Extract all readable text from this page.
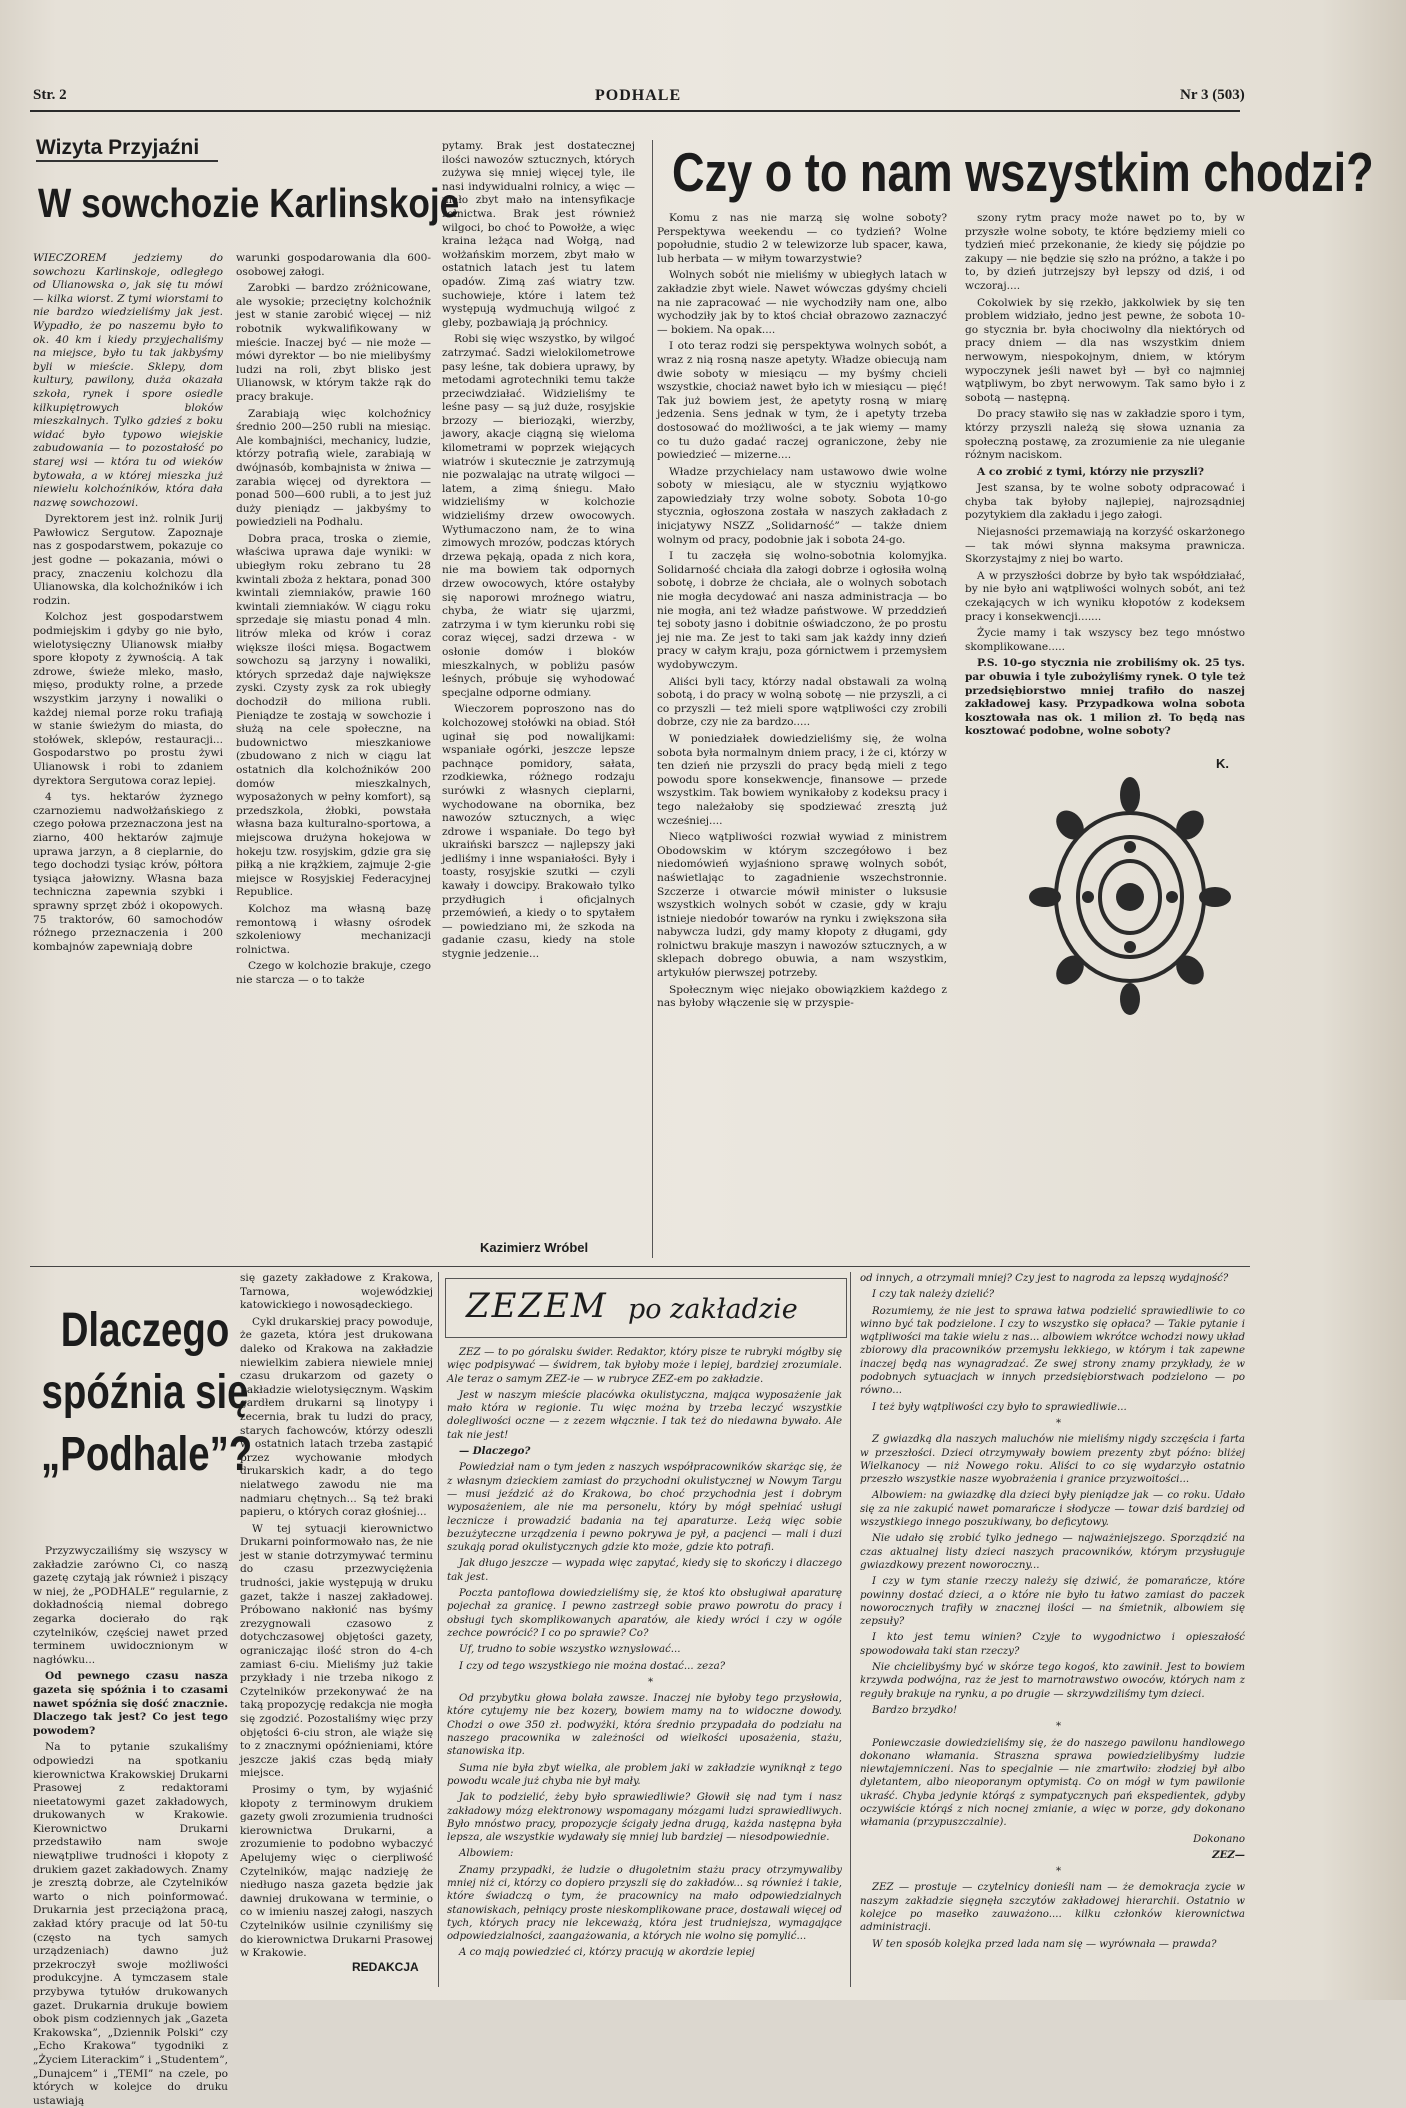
Str. 2	PODHALE	Nr 3 (503)
Wizyta Przyjaźni
W sowchozie Karlinskoje

WIECZOREM jedziemy do sowchozu Karlinskoje, odległego od Ulianowska o, jak się tu mówi — kilka wiorst. Z tymi wiorstami to nie bardzo wiedzieliśmy jak jest. Wypadło, że po naszemu było to ok. 40 km i kiedy przyjechaliśmy na miejsce, było tu tak jakbyśmy byli w mieście. Sklepy, dom kultury, pawilony, duża okazała szkoła, rynek i spore osiedle kilkupiętrowych bloków mieszkalnych. Tylko gdzieś z boku widać było typowo wiejskie zabudowania — to pozostałość po starej wsi — która tu od wieków bytowała, a w której mieszka już niewielu kolchoźników, która dała nazwę sowchozowi.

Dyrektorem jest inż. rolnik Jurij Pawłowicz Sergutow. Zapoznaje nas z gospodarstwem, pokazuje co jest godne — pokazania, mówi o pracy, znaczeniu kolchozu dla Ulianowska, dla kolchoźników i ich rodzin.

Kolchoz jest gospodarstwem podmiejskim i gdyby go nie było, wielotysięczny Ulianowsk miałby spore kłopoty z żywnością. A tak zdrowe, świeże mleko, masło, mięso, produkty rolne, a przede wszystkim jarzyny i nowaliki o każdej niemal porze roku trafiają w stanie świeżym do miasta, do stołówek, sklepów, restauracji... Gospodarstwo po prostu żywi Ulianowsk i robi to zdaniem dyrektora Sergutowa coraz lepiej.

4 tys. hektarów żyznego czarnoziemu nadwołżańskiego z czego połowa przeznaczona jest na ziarno, 400 hektarów zajmuje uprawa jarzyn, a 8 cieplarnie, do tego dochodzi tysiąc krów, półtora tysiąca jałowizny. Własna baza techniczna zapewnia szybki i sprawny sprzęt zbóż i okopowych. 75 traktorów, 60 samochodów różnego przeznaczenia i 200 kombajnów zapewniają dobre

warunki gospodarowania dla 600-osobowej załogi.

Zarobki — bardzo zróżnicowane, ale wysokie; przeciętny kolchoźnik jest w stanie zarobić więcej — niż robotnik wykwalifikowany w mieście. Inaczej być — nie może — mówi dyrektor — bo nie mielibyśmy ludzi na roli, zbyt blisko jest Ulianowsk, w którym także rąk do pracy brakuje.

Zarabiają więc kolchoźnicy średnio 200—250 rubli na miesiąc. Ale kombajniści, mechanicy, ludzie, którzy potrafią wiele, zarabiają w dwójnasób, kombajnista w żniwa — zarabia więcej od dyrektora — ponad 500—600 rubli, a to jest już duży pieniądz — jakbyśmy to powiedzieli na Podhalu.

Dobra praca, troska o ziemie, właściwa uprawa daje wyniki: w ubiegłym roku zebrano tu 28 kwintali zboża z hektara, ponad 300 kwintali ziemniaków, prawie 160 kwintali ziemniaków. W ciągu roku sprzedaje się miastu ponad 4 mln. litrów mleka od krów i coraz większe ilości mięsa. Bogactwem sowchozu są jarzyny i nowaliki, których sprzedaż daje największe zyski. Czysty zysk za rok ubiegły dochodził do miliona rubli. Pieniądze te zostają w sowchozie i służą na cele społeczne, na budownictwo mieszkaniowe (zbudowano z nich w ciągu lat ostatnich dla kolchoźników 200 domów mieszkalnych, wyposażonych w pełny komfort), są przedszkola, żłobki, powstała własna baza kulturalno-sportowa, a miejscowa drużyna hokejowa w hokeju tzw. rosyjskim, gdzie gra się piłką a nie krążkiem, zajmuje 2-gie miejsce w Rosyjskiej Federacyjnej Republice.

Kolchoz ma własną bazę remontową i własny ośrodek szkoleniowy mechanizacji rolnictwa.

Czego w kolchozie brakuje, czego nie starcza — o to także

pytamy. Brak jest dostatecznej ilości nawozów sztucznych, których zużywa się mniej więcej tyle, ile nasi indywidualni rolnicy, a więc — mało zbyt mało na intensyfikacje rolnictwa. Brak jest również wilgoci, bo choć to Powołże, a więc kraina leżąca nad Wołgą, nad wołżańskim morzem, zbyt mało w ostatnich latach jest tu latem opadów. Zimą zaś wiatry tzw. suchowieje, które i latem też występują wydmuchują wilgoć z gleby, pozbawiają ją próchnicy.

Robi się więc wszystko, by wilgoć zatrzymać. Sadzi wielokilometrowe pasy leśne, tak dobiera uprawy, by metodami agrotechniki temu także przeciwdziałać. Widzieliśmy te leśne pasy — są już duże, rosyjskie brzozy — bierioząki, wierzby, jawory, akacje ciągną się wieloma kilometrami w poprzek wiejących wiatrów i skutecznie je zatrzymują nie pozwalając na utratę wilgoci — latem, a zimą śniegu. Mało widzieliśmy w kolchozie widzieliśmy drzew owocowych. Wytłumaczono nam, że to wina zimowych mrozów, podczas których drzewa pękają, opada z nich kora, nie ma bowiem tak odpornych drzew owocowych, które ostałyby się naporowi mroźnego wiatru, chyba, że wiatr się ujarzmi, zatrzyma i w tym kierunku robi się coraz więcej, sadzi drzewa - w osłonie domów i bloków mieszkalnych, w pobliżu pasów leśnych, próbuje się wyhodować specjalne odporne odmiany.

Wieczorem poproszono nas do kolchozowej stołówki na obiad. Stół uginał się pod nowalijkami: wspaniałe ogórki, jeszcze lepsze pachnące pomidory, sałata, rzodkiewka, różnego rodzaju surówki z własnych cieplarni, wychodowane na obornika, bez nawozów sztucznych, a więc zdrowe i wspaniałe. Do tego był ukraiński barszcz — najlepszy jaki jedliśmy i inne wspaniałości. Były i toasty, rosyjskie szutki — czyli kawały i dowcipy. Brakowało tylko przydługich i oficjalnych przemówień, a kiedy o to spytałem — powiedziano mi, że szkoda na gadanie czasu, kiedy na stole stygnie jedzenie...

Kazimierz Wróbel
Czy o to nam wszystkim chodzi?

Komu z nas nie marzą się wolne soboty? Perspektywa weekendu — co tydzień? Wolne popołudnie, studio 2 w telewizorze lub spacer, kawa, lub herbata — w miłym towarzystwie?

Wolnych sobót nie mieliśmy w ubiegłych latach w zakładzie zbyt wiele. Nawet wówczas gdyśmy chcieli na nie zapracować — nie wychodziły nam one, albo wychodziły jak by to ktoś chciał obrazowo zaznaczyć — bokiem. Na opak....

I oto teraz rodzi się perspektywa wolnych sobót, a wraz z nią rosną nasze apetyty. Władze obiecują nam dwie soboty w miesiącu — my byśmy chcieli wszystkie, chociaż nawet było ich w miesiącu — pięć! Tak już bowiem jest, że apetyty rosną w miarę jedzenia. Sens jednak w tym, że i apetyty trzeba dostosować do możliwości, a te jak wiemy — mamy co tu dużo gadać raczej ograniczone, żeby nie powiedzieć — mizerne....

Władze przychielacy nam ustawowo dwie wolne soboty w miesiącu, ale w styczniu wyjątkowo zapowiedziały trzy wolne soboty. Sobota 10-go stycznia, ogłoszona została w naszych zakładach z inicjatywy NSZZ „Solidarność” — także dniem wolnym od pracy, podobnie jak i sobota 24-go.

I tu zaczęła się wolno-sobotnia kolomyjka. Solidarność chciała dla załogi dobrze i ogłosiła wolną sobotę, i dobrze że chciała, ale o wolnych sobotach nie mogła decydować ani nasza administracja — bo nie mogła, ani też władze państwowe. W przeddzień tej soboty jasno i dobitnie oświadczono, że po prostu jej nie ma. Ze jest to taki sam jak każdy inny dzień pracy w całym kraju, poza górnictwem i przemysłem wydobywczym.

Aliści byli tacy, którzy nadal obstawali za wolną sobotą, i do pracy w wolną sobotę — nie przyszli, a ci co przyszli — też mieli spore wątpliwości czy zrobili dobrze, czy nie za bardzo.....

W poniedziałek dowiedzieliśmy się, że wolna sobota była normalnym dniem pracy, i że ci, którzy w ten dzień nie przyszli do pracy będą mieli z tego powodu spore konsekwencje, finansowe — przede wszystkim. Tak bowiem wynikałoby z kodeksu pracy i tego należałoby się spodziewać zresztą już wcześniej....

Nieco wątpliwości rozwiał wywiad z ministrem Obodowskim w którym szczegółowo i bez niedomówień wyjaśniono sprawę wolnych sobót, naświetlając to zagadnienie wszechstronnie. Szczerze i otwarcie mówił minister o luksusie wszystkich wolnych sobót w czasie, gdy w kraju istnieje niedobór towarów na rynku i zwiększona siła nabywcza ludzi, gdy mamy kłopoty z długami, gdy rolnictwu brakuje maszyn i nawozów sztucznych, a w sklepach dobrego obuwia, a nam wszystkim, artykułów pierwszej potrzeby.

Społecznym więc niejako obowiązkiem każdego z nas byłoby włączenie się w przyspie-

szony rytm pracy może nawet po to, by w przyszłe wolne soboty, te które będziemy mieli co tydzień mieć przekonanie, że kiedy się pójdzie po zakupy — nie będzie się szło na próżno, a także i po to, by dzień jutrzejszy był lepszy od dziś, i od wczoraj....

Cokolwiek by się rzekło, jakkolwiek by się ten problem widziało, jedno jest pewne, że sobota 10-go stycznia br. była chociwolny dla niektórych od pracy dniem — dla nas wszystkim dniem nerwowym, niespokojnym, dniem, w którym wypoczynek jeśli nawet był — był co najmniej wątpliwym, bo zbyt nerwowym. Tak samo było i z sobotą — następną.

Do pracy stawiło się nas w zakładzie sporo i tym, którzy przyszli należą się słowa uznania za społeczną postawę, za zrozumienie za nie uleganie różnym naciskom.

A co zrobić z tymi, którzy nie przyszli?

Jest szansa, by te wolne soboty odpracować i chyba tak byłoby najlepiej, najrozsądniej pozytykiem dla zakładu i jego załogi.

Niejasności przemawiają na korzyść oskarżonego — tak mówi słynna maksyma prawnicza. Skorzystajmy z niej bo warto.

A w przyszłości dobrze by było tak współdziałać, by nie było ani wątpliwości wolnych sobót, ani też czekających w ich wyniku kłopotów z kodeksem pracy i konsekwencji.......

Życie mamy i tak wszyscy bez tego mnóstwo skomplikowane.....

P.S. 10-go stycznia nie zrobiliśmy ok. 25 tys. par obuwia i tyle zubożyliśmy rynek. O tyle też przedsiębiorstwo mniej trafiło do naszej zakładowej kasy. Przypadkowa wolna sobota kosztowała nas ok. 1 milion zł. To będą nas kosztować podobne, wolne soboty?

K.
Dlaczego
spóźnia się
„Podhale”?

Przyzwyczailiśmy się wszyscy w zakładzie zarówno Ci, co naszą gazetę czytają jak również i piszący w niej, że „PODHALE” regularnie, z dokładnością niemal dobrego zegarka docierało do rąk czytelników, częściej nawet przed terminem uwidocznionym w nagłówku...

Od pewnego czasu nasza gazeta się spóźnia i to czasami nawet spóźnia się dość znacznie. Dlaczego tak jest? Co jest tego powodem?

Na to pytanie szukaliśmy odpowiedzi na spotkaniu kierownictwa Krakowskiej Drukarni Prasowej z redaktorami nieetatowymi gazet zakładowych, drukowanych w Krakowie. Kierownictwo Drukarni przedstawiło nam swoje niewątpliwe trudności i kłopoty z drukiem gazet zakładowych. Znamy je zresztą dobrze, ale Czytelników warto o nich poinformować. Drukarnia jest przeciążona pracą, zakład który pracuje od lat 50-tu (często na tych samych urządzeniach) dawno już przekroczył swoje możliwości produkcyjne. A tymczasem stale przybywa tytułów drukowanych gazet. Drukarnia drukuje bowiem obok pism codziennych jak „Gazeta Krakowska”, „Dziennik Polski” czy „Echo Krakowa” tygodniki z „Życiem Literackim” i „Studentem”, „Dunajcem” i „TEMI” na czele, po których w kolejce do druku ustawiają

się gazety zakładowe z Krakowa, Tarnowa, wojewódzkiej katowickiego i nowosądeckiego.

Cykl drukarskiej pracy powoduje, że gazeta, która jest drukowana daleko od Krakowa na zakładzie niewielkim zabiera niewiele mniej czasu drukarzom od gazety o nakładzie wielotysięcznym. Wąskim gardłem drukarni są linotypy i zecernia, brak tu ludzi do pracy, starych fachowców, którzy odeszli w ostatnich latach trzeba zastąpić przez wychowanie młodych drukarskich kadr, a do tego nielatwego zawodu nie ma nadmiaru chętnych... Są też braki papieru, o których coraz głośniej...

W tej sytuacji kierownictwo Drukarni poinformowało nas, że nie jest w stanie dotrzymywać terminu do czasu przezwyciężenia trudności, jakie występują w druku gazet, także i naszej zakładowej. Próbowano nakłonić nas byśmy zrezygnowali czasowo z dotychczasowej objętości gazety, ograniczając ilość stron do 4-ch zamiast 6-ciu. Mieliśmy już takie przykłady i nie trzeba nikogo z Czytelników przekonywać że na taką propozycję redakcja nie mogła się zgodzić. Pozostaliśmy więc przy objętości 6-ciu stron, ale wiąże się to z znacznymi opóźnieniami, które jeszcze jakiś czas będą miały miejsce.

Prosimy o tym, by wyjaśnić kłopoty z terminowym drukiem gazety gwoli zrozumienia trudności kierownictwa Drukarni, a zrozumienie to podobno wybaczyć Apelujemy więc o cierpliwość Czytelników, mając nadzieję że niedługo nasza gazeta będzie jak dawniej drukowana w terminie, o co w imieniu naszej załogi, naszych Czytelników usilnie czyniliśmy się do kierownictwa Drukarni Prasowej w Krakowie.

REDAKCJA
ZEZEM po zakładzie

ZEZ — to po góralsku świder. Redaktor, który pisze te rubryki mógłby się więc podpisywać — świdrem, tak byłoby może i lepiej, bardziej zrozumiale. Ale teraz o samym ZEZ-ie — w rubryce ZEZ-em po zakładzie.

Jest w naszym mieście placówka okulistyczna, mająca wyposażenie jak mało która w regionie. Tu więc można by trzeba leczyć wszystkie dolegliwości oczne — z zezem włącznie. I tak też do niedawna bywało. Ale tak nie jest!

— Dlaczego?

Powiedział nam o tym jeden z naszych współpracowników skarżąc się, że z własnym dzieckiem zamiast do przychodni okulistycznej w Nowym Targu — musi jeździć aż do Krakowa, bo choć przychodnia jest i dobrym wyposażeniem, ale nie ma personelu, który by mógł spełniać usługi lecznicze i prowadzić badania na tej aparaturze. Leżą więc sobie bezużyteczne urządzenia i pewno pokrywa je pył, a pacjenci — mali i duzi szukają porad okulistycznych gdzie kto może, gdzie kto potrafi.

Jak długo jeszcze — wypada więc zapytać, kiedy się to skończy i dlaczego tak jest.

Poczta pantoflowa dowiedzieliśmy się, że ktoś kto obsługiwał aparaturę pojechał za granicę. I pewno zastrzegł sobie prawo powrotu do pracy i obsługi tych skomplikowanych aparatów, ale kiedy wróci i czy w ogóle zechce powrócić? I co po sprawie? Co?

Uf, trudno to sobie wszystko wznyslować...

I czy od tego wszystkiego nie można dostać... zeza?

*

Od przybytku głowa bolała zawsze. Inaczej nie byłoby tego przysłowia, które cytujemy nie bez kozery, bowiem mamy na to widoczne dowody. Chodzi o owe 350 zł. podwyżki, która średnio przypadała do podziału na naszego pracownika w zależności od wielkości uposażenia, stażu, stanowiska itp.

Suma nie była zbyt wielka, ale problem jaki w zakładzie wyniknął z tego powodu wcale już chyba nie był mały.

Jak to podzielić, żeby było sprawiedliwie? Głowił się nad tym i nasz zakładowy mózg elektronowy wspomagany mózgami ludzi sprawiedliwych. Było mnóstwo pracy, propozycje ścigały jedna drugą, każda następna była lepsza, ale wszystkie wydawały się mniej lub bardziej — niesodpowiednie.

Albowiem:

Znamy przypadki, że ludzie o długoletnim stażu pracy otrzymywaliby mniej niż ci, którzy co dopiero przyszli się do zakładów... są również i takie, które świadczą o tym, że pracownicy na mało odpowiedzialnych stanowiskach, pełniący proste nieskomplikowane prace, dostawali więcej od tych, których pracy nie lekceważą, która jest trudniejsza, wymagające odpowiedzialności, zaangażowania, a których nie wolno się pomylić...

A co mają powiedzieć ci, którzy pracują w akordzie lepiej

od innych, a otrzymali mniej? Czy jest to nagroda za lepszą wydajność?

I czy tak należy dzielić?

Rozumiemy, że nie jest to sprawa łatwa podzielić sprawiedliwie to co winno być tak podzielone. I czy to wszystko się opłaca? — Takie pytanie i wątpliwości ma takie wielu z nas... albowiem wkrótce wchodzi nowy układ zbiorowy dla pracowników przemysłu lekkiego, w którym i tak zapewne inaczej będą nas wynagradzać. Ze swej strony znamy przykłady, że w podobnych sytuacjach w innych przedsiębiorstwach podzielono — po równo...

I też były wątpliwości czy było to sprawiedliwie...

*

Z gwiazdką dla naszych maluchów nie mieliśmy nigdy szczęścia i farta w przeszłości. Dzieci otrzymywały bowiem prezenty zbyt późno: bliżej Wielkanocy — niż Nowego roku. Aliści to co się wydarzyło ostatnio przeszło wszystkie nasze wyobrażenia i granice przyzwoitości...

Albowiem: na gwiazdkę dla dzieci były pieniądze jak — co roku. Udało się za nie zakupić nawet pomarańcze i słodycze — towar dziś bardziej od wszystkiego innego poszukiwany, bo deficytowy.

Nie udało się zrobić tylko jednego — najważniejszego. Sporządzić na czas aktualnej listy dzieci naszych pracowników, którym przysługuje gwiazdkowy prezent noworoczny...

I czy w tym stanie rzeczy należy się dziwić, że pomarańcze, które powinny dostać dzieci, a o które nie było tu łatwo zamiast do paczek noworocznych trafiły w znacznej ilości — na śmietnik, albowiem się zepsuły?

I kto jest temu winien? Czyje to wygodnictwo i opieszałość spowodowała taki stan rzeczy?

Nie chcielibyśmy być w skórze tego kogoś, kto zawinił. Jest to bowiem krzywda podwójna, raz że jest to marnotrawstwo owoców, których nam z reguły brakuje na rynku, a po drugie — skrzywdziliśmy tym dzieci.

Bardzo brzydko!

*

Poniewczasie dowiedzieliśmy się, że do naszego pawilonu handlowego dokonano włamania. Straszna sprawa powiedzielibyśmy ludzie niewtajemniczeni. Nas to specjalnie — nie zmartwiło: złodziej był albo dyletantem, albo nieoporanym optymistą. Co on mógł w tym pawilonie ukraść. Chyba jedynie którąś z sympatycznych pań ekspedientek, gdyby oczywiście którąś z nich nocnej zmianie, a więc w porze, gdy dokonano włamania (przypuszczalnie).

Dokonano

ZEZ—

*

ZEZ — prostuje — czytelnicy donieśli nam — że demokracja zycie w naszym zakładzie sięgnęła szczytów zakładowej hierarchii. Ostatnio w kolejce po masełko zauważono.... kilku członków kierownictwa administracji.

W ten sposób kolejka przed lada nam się — wyrównała — prawda?
